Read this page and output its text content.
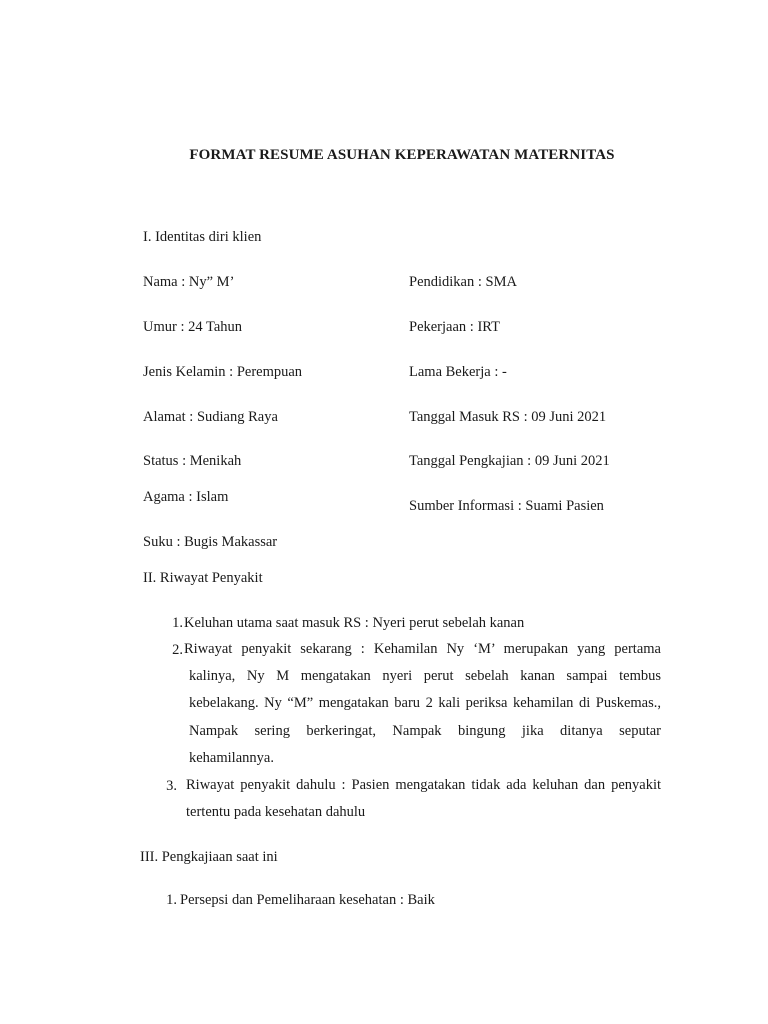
FORMAT RESUME ASUHAN KEPERAWATAN MATERNITAS
I. Identitas diri klien
Nama : Ny” M’
Umur : 24 Tahun
Jenis Kelamin : Perempuan
Alamat : Sudiang Raya
Status : Menikah
Agama : Islam
Suku : Bugis Makassar
Pendidikan : SMA
Pekerjaan : IRT
Lama Bekerja : -
Tanggal Masuk RS : 09 Juni 2021
Tanggal Pengkajian : 09 Juni 2021
Sumber Informasi : Suami Pasien
II. Riwayat Penyakit
1. Keluhan utama saat masuk RS : Nyeri perut sebelah kanan
2. Riwayat penyakit sekarang : Kehamilan Ny ‘M’ merupakan yang pertama
kalinya, Ny M mengatakan nyeri perut sebelah kanan sampai tembus
kebelakang. Ny “M” mengatakan baru 2 kali periksa kehamilan di Puskemas.,
Nampak sering berkeringat, Nampak bingung jika ditanya seputar
kehamilannya.
3. Riwayat penyakit dahulu : Pasien mengatakan tidak ada keluhan dan penyakit
tertentu pada kesehatan dahulu
III. Pengkajiaan saat ini
1. Persepsi dan Pemeliharaan kesehatan : Baik
